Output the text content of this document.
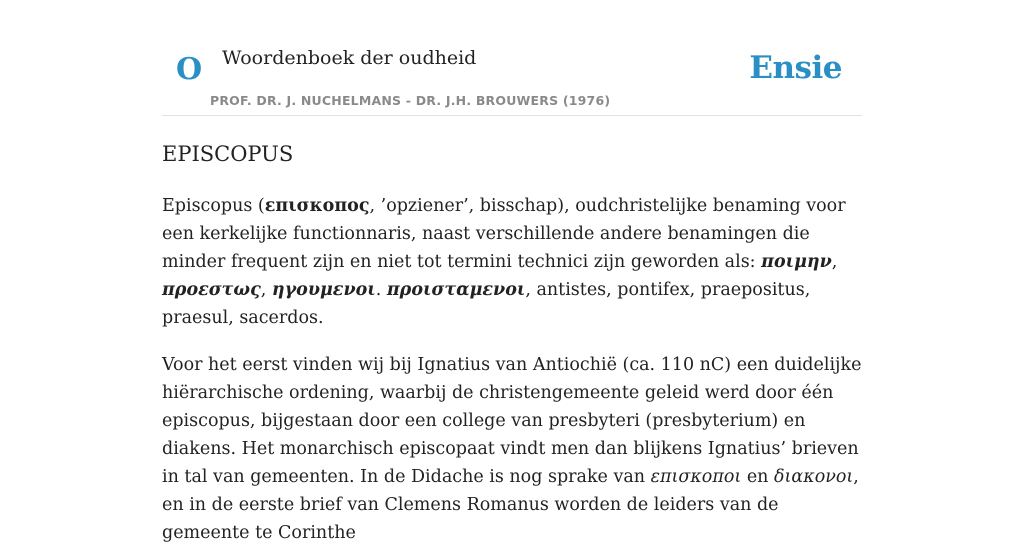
O Woordenboek der oudheid
PROF. DR. J. NUCHELMANS - DR. J.H. BROUWERS (1976)
Ensie
EPISCOPUS

Episcopus (επισκοπος, ’opziener’, bisschap), oudchristelijke benaming voor een kerkelijke functionnaris, naast verschillende andere benamingen die minder frequent zijn en niet tot termini technici zijn geworden als: ποιμην, προεστως, ηγουμενοι. προισταμενοι, antistes, pontifex, praepositus, praesul, sacerdos.

Voor het eerst vinden wij bij Ignatius van Antiochië (ca. 110 nC) een duidelijke hiërarchische ordening, waarbij de christengemeente geleid werd door één episcopus, bijgestaan door een college van presbyteri (presbyterium) en diakens. Het monarchisch episcopaat vindt men dan blijkens Ignatius’ brieven in tal van gemeenten. In de Didache is nog sprake van επισκοποι en διακονοι, en in de eerste brief van Clemens Romanus worden de leiders van de gemeente te Corinthe
